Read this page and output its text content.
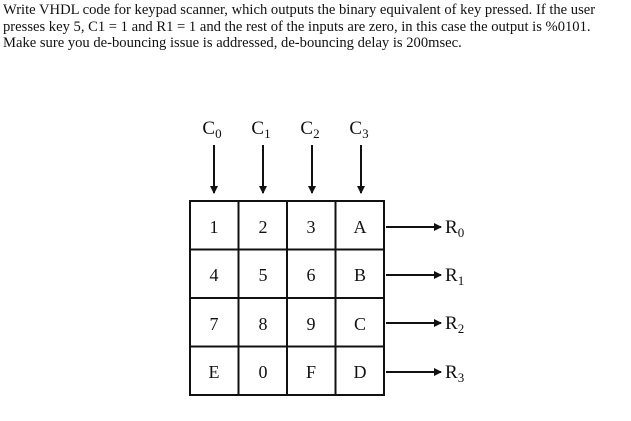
Write VHDL code for keypad scanner, which outputs the binary equivalent of key pressed. If the user
presses key 5, C1 = 1 and R1 = 1 and the rest of the inputs are zero, in this case the output is %0101.
Make sure you de-bouncing issue is addressed, de-bouncing delay is 200msec.
$C_0$ $C_1$ $C_2$ $C_3$
1 2 3 A
4 5 6 B
7 8 9 C
E 0 F D
$R_0$
$R_1$
$R_2$
$R_3$
